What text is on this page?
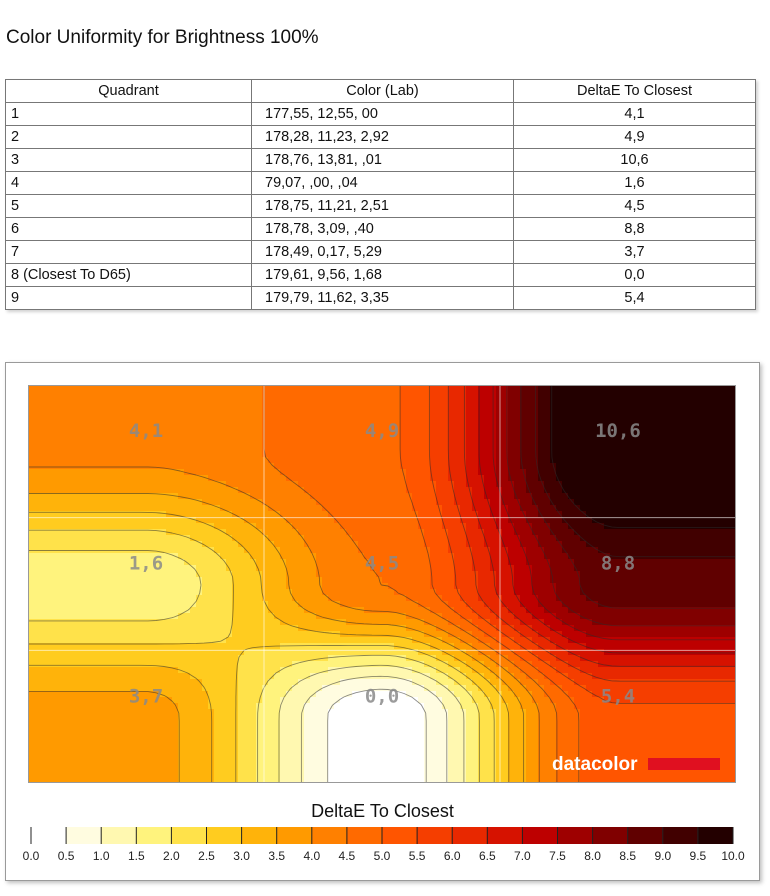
Color Uniformity for Brightness 100%
Quadrant	Color (Lab)	DeltaE To Closest
1	177,55, 12,55, 00	4,1
2	178,28, 11,23, 2,92	4,9
3	178,76, 13,81, ,01	10,6
4	79,07, ,00, ,04	1,6
5	178,75, 11,21, 2,51	4,5
6	178,78, 3,09, ,40	8,8
7	178,49, 0,17, 5,29	3,7
8 (Closest To D65)	179,61, 9,56, 1,68	0,0
9	179,79, 11,62, 3,35	5,4
4,1	4,9	10,6
1,6	4,5	8,8
3,7	0,0	5,4
datacolor
DeltaE To Closest
0.0 0.5 1.0 1.5 2.0 2.5 3.0 3.5 4.0 4.5 5.0 5.5 6.0 6.5 7.0 7.5 8.0 8.5 9.0 9.5 10.0
